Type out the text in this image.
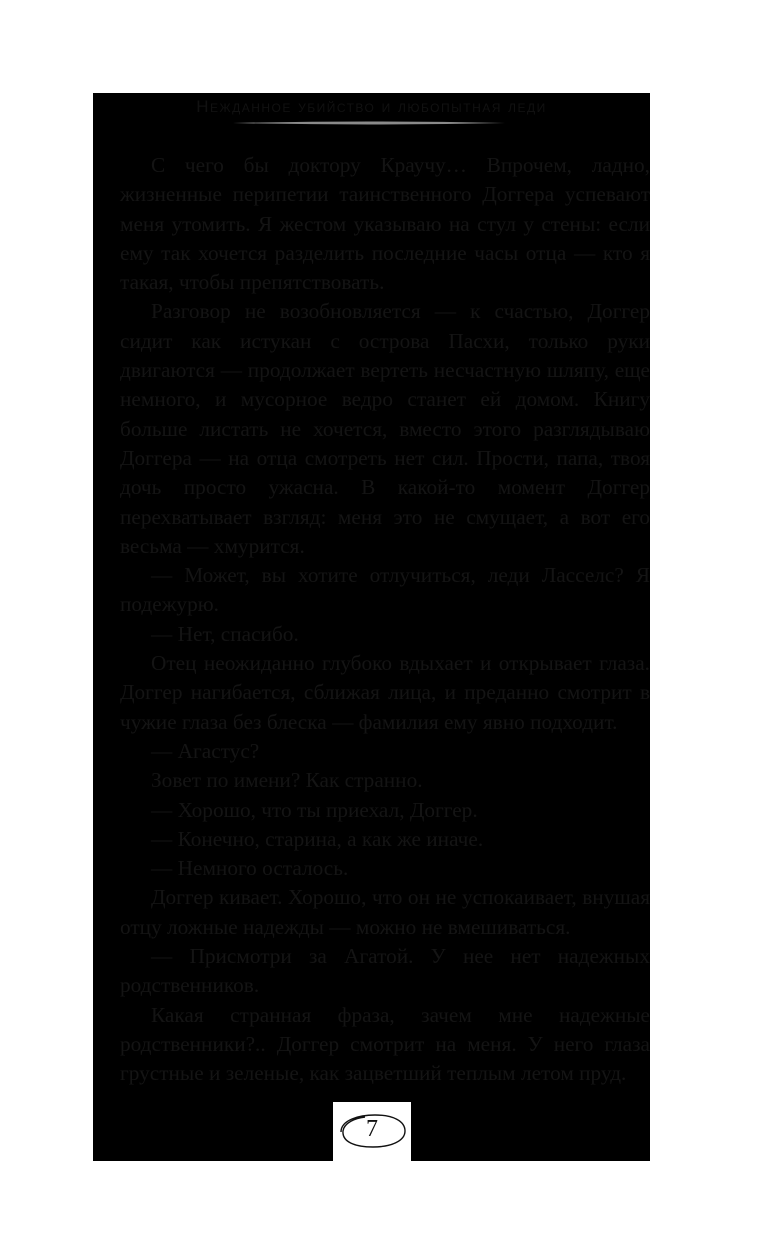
Нежданное убийство и любопытная леди

С чего бы доктору Краучу… Впрочем, ладно, жизненные перипетии таинственного Доггера успевают меня утомить. Я жестом указываю на стул у стены: если ему так хочется разделить последние часы отца — кто я такая, чтобы препятствовать.

Разговор не возобновляется — к счастью, Доггер сидит как истукан с острова Пасхи, только руки двигаются — продолжает вертеть несчастную шляпу, еще немного, и мусорное ведро станет ей домом. Книгу больше листать не хочется, вместо этого разглядываю Доггера — на отца смотреть нет сил. Прости, папа, твоя дочь просто ужасна. В какой-то момент Доггер перехватывает взгляд: меня это не смущает, а вот его весьма — хмурится.

— Может, вы хотите отлучиться, леди Ласселс? Я подежурю.

— Нет, спасибо.

Отец неожиданно глубоко вдыхает и открывает глаза. Доггер нагибается, сближая лица, и преданно смотрит в чужие глаза без блеска — фамилия ему явно подходит.

— Агастус?

Зовет по имени? Как странно.

— Хорошо, что ты приехал, Доггер.

— Конечно, старина, а как же иначе.

— Немного осталось.

Доггер кивает. Хорошо, что он не успокаивает, внушая отцу ложные надежды — можно не вмешиваться.

— Присмотри за Агатой. У нее нет надежных родственников.

Какая странная фраза, зачем мне надежные родственники?.. Доггер смотрит на меня. У него глаза грустные и зеленые, как зацветший теплым летом пруд.

7
